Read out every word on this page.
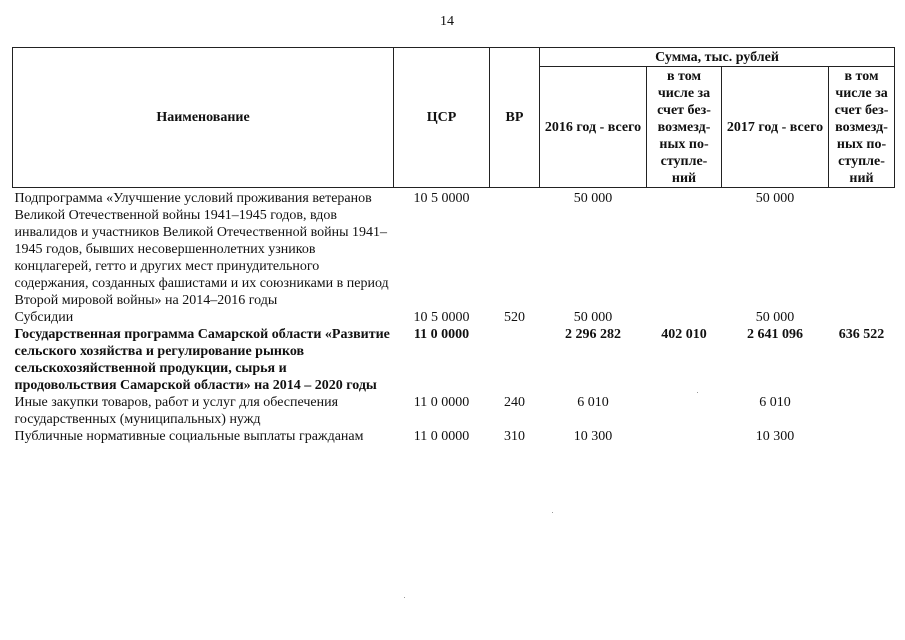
14
Наименование	ЦСР	ВР	Сумма, тыс. рублей			
			2016 год - всего	в том числе за счет без-возмезд-ных по-ступле-ний	2017 год - всего	в том числе за счет без-возмезд-ных по-ступле-ний
Подпрограмма «Улучшение условий проживания ветеранов Великой Отечественной войны 1941–1945 годов, вдов инвалидов и участников Великой Отечественной войны 1941–1945 годов, бывших несовершеннолетних узников концлагерей, гетто и других мест принудительного содержания, созданных фашистами и их союзниками в период Второй мировой войны» на 2014–2016 годы	10 5 0000		50 000		50 000	
Субсидии	10 5 0000	520	50 000		50 000	
Государственная программа Самарской области «Развитие сельского хозяйства и регулирование рынков сельскохозяйственной продукции, сырья и продовольствия Самарской области» на 2014 – 2020 годы	11 0 0000		2 296 282	402 010	2 641 096	636 522
Иные закупки товаров, работ и услуг для обеспечения государственных (муниципальных) нужд	11 0 0000	240	6 010		6 010	
Публичные нормативные социальные выплаты гражданам	11 0 0000	310	10 300		10 300	
